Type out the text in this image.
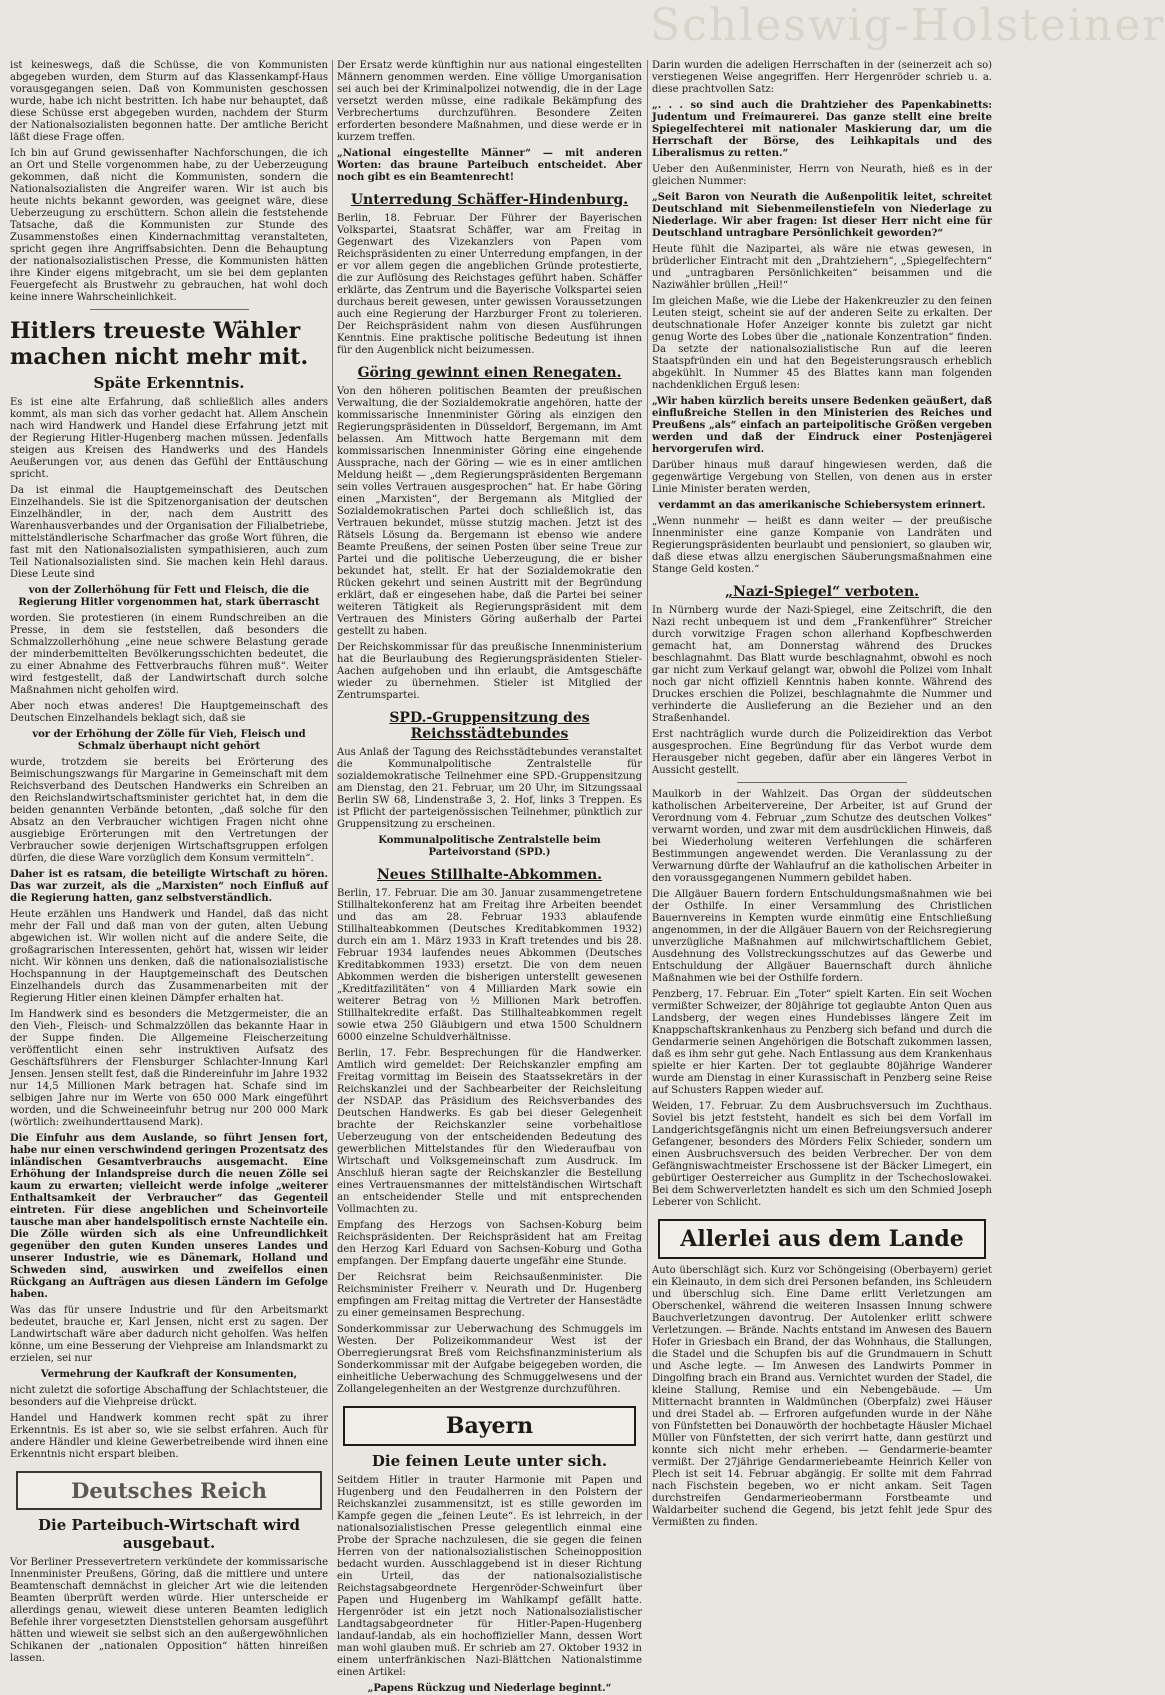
Schleswig-Holsteiner

ist keineswegs, daß die Schüsse, die von Kommunisten abgegeben wurden, dem Sturm auf das Klassenkampf-Haus vorausgegangen seien. Daß von Kommunisten geschossen wurde, habe ich nicht bestritten. Ich habe nur behauptet, daß diese Schüsse erst abgegeben wurden, nachdem der Sturm der Nationalsozialisten begonnen hatte. Der amtliche Bericht läßt diese Frage offen.

Ich bin auf Grund gewissenhafter Nachforschungen, die ich an Ort und Stelle vorgenommen habe, zu der Ueberzeugung gekommen, daß nicht die Kommunisten, sondern die Nationalsozialisten die Angreifer waren. Wir ist auch bis heute nichts bekannt geworden, was geeignet wäre, diese Ueberzeugung zu erschüttern. Schon allein die feststehende Tatsache, daß die Kommunisten zur Stunde des Zusammenstoßes einen Kindernachmittag veranstalteten, spricht gegen ihre Angriffsabsichten. Denn die Behauptung der nationalsozialistischen Presse, die Kommunisten hätten ihre Kinder eigens mitgebracht, um sie bei dem geplanten Feuergefecht als Brustwehr zu gebrauchen, hat wohl doch keine innere Wahrscheinlichkeit.

Hitlers treueste Wähler machen nicht mehr mit.
Späte Erkenntnis.

Es ist eine alte Erfahrung, daß schließlich alles anders kommt, als man sich das vorher gedacht hat. Allem Anschein nach wird Handwerk und Handel diese Erfahrung jetzt mit der Regierung Hitler-Hugenberg machen müssen. Jedenfalls steigen aus Kreisen des Handwerks und des Handels Aeußerungen vor, aus denen das Gefühl der Enttäuschung spricht.

Da ist einmal die Hauptgemeinschaft des Deutschen Einzelhandels. Sie ist die Spitzenorganisation der deutschen Einzelhändler, in der, nach dem Austritt des Warenhausverbandes und der Organisation der Filialbetriebe, mittelständlerische Scharfmacher das große Wort führen, die fast mit den Nationalsozialisten sympathisieren, auch zum Teil Nationalsozialisten sind. Sie machen kein Hehl daraus. Diese Leute sind

von der Zollerhöhung für Fett und Fleisch, die die Regierung Hitler vorgenommen hat, stark überrascht

worden. Sie protestieren (in einem Rundschreiben an die Presse, in dem sie feststellen, daß besonders die Schmalzzollerhöhung „eine neue schwere Belastung gerade der minderbemittelten Bevölkerungsschichten bedeutet, die zu einer Abnahme des Fettverbrauchs führen muß“. Weiter wird festgestellt, daß der Landwirtschaft durch solche Maßnahmen nicht geholfen wird.

Aber noch etwas anderes! Die Hauptgemeinschaft des Deutschen Einzelhandels beklagt sich, daß sie

vor der Erhöhung der Zölle für Vieh, Fleisch und Schmalz überhaupt nicht gehört

wurde, trotzdem sie bereits bei Erörterung des Beimischungszwangs für Margarine in Gemeinschaft mit dem Reichsverband des Deutschen Handwerks ein Schreiben an den Reichslandwirtschaftsminister gerichtet hat, in dem die beiden genannten Verbände betonten, „daß solche für den Absatz an den Verbraucher wichtigen Fragen nicht ohne ausgiebige Erörterungen mit den Vertretungen der Verbraucher sowie derjenigen Wirtschaftsgruppen erfolgen dürfen, die diese Ware vorzüglich dem Konsum vermitteln“.

Daher ist es ratsam, die beteiligte Wirtschaft zu hören. Das war zurzeit, als die „Marxisten“ noch Einfluß auf die Regierung hatten, ganz selbstverständlich.

Heute erzählen uns Handwerk und Handel, daß das nicht mehr der Fall und daß man von der guten, alten Uebung abgewichen ist. Wir wollen nicht auf die andere Seite, die großagrarischen Interessenten, gehört hat, wissen wir leider nicht. Wir können uns denken, daß die nationalsozialistische Hochspannung in der Hauptgemeinschaft des Deutschen Einzelhandels durch das Zusammenarbeiten mit der Regierung Hitler einen kleinen Dämpfer erhalten hat.

Im Handwerk sind es besonders die Metzgermeister, die an den Vieh-, Fleisch- und Schmalzzöllen das bekannte Haar in der Suppe finden. Die Allgemeine Fleischerzeitung veröffentlicht einen sehr instruktiven Aufsatz des Geschäftsführers der Flensburger Schlachter-Innung Karl Jensen. Jensen stellt fest, daß die Rindereinfuhr im Jahre 1932 nur 14,5 Millionen Mark betragen hat. Schafe sind im selbigen Jahre nur im Werte von 650 000 Mark eingeführt worden, und die Schweineeinfuhr betrug nur 200 000 Mark (wörtlich: zweihunderttausend Mark).

Die Einfuhr aus dem Auslande, so führt Jensen fort, habe nur einen verschwindend geringen Prozentsatz des inländischen Gesamtverbrauchs ausgemacht. Eine Erhöhung der Inlandspreise durch die neuen Zölle sei kaum zu erwarten; vielleicht werde infolge „weiterer Enthaltsamkeit der Verbraucher“ das Gegenteil eintreten. Für diese angeblichen und Scheinvorteile tausche man aber handelspolitisch ernste Nachteile ein. Die Zölle würden sich als eine Unfreundlichkeit gegenüber den guten Kunden unseres Landes und unserer Industrie, wie es Dänemark, Holland und Schweden sind, auswirken und zweifellos einen Rückgang an Aufträgen aus diesen Ländern im Gefolge haben.

Was das für unsere Industrie und für den Arbeitsmarkt bedeutet, brauche er, Karl Jensen, nicht erst zu sagen. Der Landwirtschaft wäre aber dadurch nicht geholfen. Was helfen könne, um eine Besserung der Viehpreise am Inlandsmarkt zu erzielen, sei nur

Vermehrung der Kaufkraft der Konsumenten,

nicht zuletzt die sofortige Abschaffung der Schlachtsteuer, die besonders auf die Viehpreise drückt.

Handel und Handwerk kommen recht spät zu ihrer Erkenntnis. Es ist aber so, wie sie selbst erfahren. Auch für andere Händler und kleine Gewerbetreibende wird ihnen eine Erkenntnis nicht erspart bleiben.

Deutsches Reich
Die Parteibuch-Wirtschaft wird ausgebaut.

Vor Berliner Pressevertretern verkündete der kommissarische Innenminister Preußens, Göring, daß die mittlere und untere Beamtenschaft demnächst in gleicher Art wie die leitenden Beamten überprüft werden würde. Hier unterscheide er allerdings genau, wieweit diese unteren Beamten lediglich Befehle ihrer vorgesetzten Dienststellen gehorsam ausgeführt hätten und wieweit sie selbst sich an den außergewöhnlichen Schikanen der „nationalen Opposition“ hätten hinreißen lassen.

Der Ersatz werde künftighin nur aus national eingestellten Männern genommen werden. Eine völlige Umorganisation sei auch bei der Kriminalpolizei notwendig, die in der Lage versetzt werden müsse, eine radikale Bekämpfung des Verbrechertums durchzuführen. Besondere Zeiten erforderten besondere Maßnahmen, und diese werde er in kurzem treffen.

„National eingestellte Männer“ — mit anderen Worten: das braune Parteibuch entscheidet. Aber noch gibt es ein Beamtenrecht!

Unterredung Schäffer-Hindenburg.

Berlin, 18. Februar. Der Führer der Bayerischen Volkspartei, Staatsrat Schäffer, war am Freitag in Gegenwart des Vizekanzlers von Papen vom Reichspräsidenten zu einer Unterredung empfangen, in der er vor allem gegen die angeblichen Gründe protestierte, die zur Auflösung des Reichstages geführt haben. Schäffer erklärte, das Zentrum und die Bayerische Volkspartei seien durchaus bereit gewesen, unter gewissen Voraussetzungen auch eine Regierung der Harzburger Front zu tolerieren. Der Reichspräsident nahm von diesen Ausführungen Kenntnis. Eine praktische politische Bedeutung ist ihnen für den Augenblick nicht beizumessen.

Göring gewinnt einen Renegaten.

Von den höheren politischen Beamten der preußischen Verwaltung, die der Sozialdemokratie angehören, hatte der kommissarische Innenminister Göring als einzigen den Regierungspräsidenten in Düsseldorf, Bergemann, im Amt belassen. Am Mittwoch hatte Bergemann mit dem kommissarischen Innenminister Göring eine eingehende Aussprache, nach der Göring — wie es in einer amtlichen Meldung heißt — „dem Regierungspräsidenten Bergemann sein volles Vertrauen ausgesprochen“ hat. Er habe Göring einen „Marxisten“, der Bergemann als Mitglied der Sozialdemokratischen Partei doch schließlich ist, das Vertrauen bekundet, müsse stutzig machen. Jetzt ist des Rätsels Lösung da. Bergemann ist ebenso wie andere Beamte Preußens, der seinen Posten über seine Treue zur Partei und die politische Ueberzeugung, die er bisher bekundet hat, stellt. Er hat der Sozialdemokratie den Rücken gekehrt und seinen Austritt mit der Begründung erklärt, daß er eingesehen habe, daß die Partei bei seiner weiteren Tätigkeit als Regierungspräsident mit dem Vertrauen des Ministers Göring außerhalb der Partei gestellt zu haben.

Der Reichskommissar für das preußische Innenministerium hat die Beurlaubung des Regierungspräsidenten Stieler-Aachen aufgehoben und ihn erlaubt, die Amtsgeschäfte wieder zu übernehmen. Stieler ist Mitglied der Zentrumspartei.

SPD.-Gruppensitzung des Reichsstädtebundes

Aus Anlaß der Tagung des Reichsstädtebundes veranstaltet die Kommunalpolitische Zentralstelle für sozialdemokratische Teilnehmer eine SPD.-Gruppensitzung am Dienstag, den 21. Februar, um 20 Uhr, im Sitzungssaal Berlin SW 68, Lindenstraße 3, 2. Hof, links 3 Treppen. Es ist Pflicht der parteigenössischen Teilnehmer, pünktlich zur Gruppensitzung zu erscheinen.

Kommunalpolitische Zentralstelle beim Parteivorstand (SPD.)

Neues Stillhalte-Abkommen.

Berlin, 17. Februar. Die am 30. Januar zusammengetretene Stillhaltekonferenz hat am Freitag ihre Arbeiten beendet und das am 28. Februar 1933 ablaufende Stillhalteabkommen (Deutsches Kreditabkommen 1932) durch ein am 1. März 1933 in Kraft tretendes und bis 28. Februar 1934 laufendes neues Abkommen (Deutsches Kreditabkommen 1933) ersetzt. Die von dem neuen Abkommen werden die bisherigen unterstellt gewesenen „Kreditfazilitäten“ von 4 Milliarden Mark sowie ein weiterer Betrag von ½ Millionen Mark betroffen. Stillhaltekredite erfaßt. Das Stillhalteabkommen regelt sowie etwa 250 Gläubigern und etwa 1500 Schuldnern 6000 einzelne Schuldverhältnisse.

Berlin, 17. Febr. Besprechungen für die Handwerker. Amtlich wird gemeldet: Der Reichskanzler empfing am Freitag vormittag im Beisein des Staatssekretärs in der Reichskanzlei und der Sachbearbeiter der Reichsleitung der NSDAP. das Präsidium des Reichsverbandes des Deutschen Handwerks. Es gab bei dieser Gelegenheit brachte der Reichskanzler seine vorbehaltlose Ueberzeugung von der entscheidenden Bedeutung des gewerblichen Mittelstandes für den Wiederaufbau von Wirtschaft und Volksgemeinschaft zum Ausdruck. Im Anschluß hieran sagte der Reichskanzler die Bestellung eines Vertrauensmannes der mittelständischen Wirtschaft an entscheidender Stelle und mit entsprechenden Vollmachten zu.

Empfang des Herzogs von Sachsen-Koburg beim Reichspräsidenten. Der Reichspräsident hat am Freitag den Herzog Karl Eduard von Sachsen-Koburg und Gotha empfangen. Der Empfang dauerte ungefähr eine Stunde.

Der Reichsrat beim Reichsaußenminister. Die Reichsminister Freiherr v. Neurath und Dr. Hugenberg empfingen am Freitag mittag die Vertreter der Hansestädte zu einer gemeinsamen Besprechung.

Sonderkommissar zur Ueberwachung des Schmuggels im Westen. Der Polizeikommandeur West ist der Oberregierungsrat Breß vom Reichsfinanzministerium als Sonderkommissar mit der Aufgabe beigegeben worden, die einheitliche Ueberwachung des Schmuggelwesens und der Zollangelegenheiten an der Westgrenze durchzuführen.

Bayern
Die feinen Leute unter sich.

Seitdem Hitler in trauter Harmonie mit Papen und Hugenberg und den Feudalherren in den Polstern der Reichskanzlei zusammensitzt, ist es stille geworden im Kampfe gegen die „feinen Leute“. Es ist lehrreich, in der nationalsozialistischen Presse gelegentlich einmal eine Probe der Sprache nachzulesen, die sie gegen die feinen Herren von der nationalsozialistischen Scheinopposition bedacht wurden. Ausschlaggebend ist in dieser Richtung ein Urteil, das der nationalsozialistische Reichstagsabgeordnete Hergenröder-Schweinfurt über Papen und Hugenberg im Wahlkampf gefällt hatte. Hergenröder ist ein jetzt noch Nationalsozialistischer Landtagsabgeordneter für Hitler-Papen-Hugenberg landauf-landab, als ein hochoffizieller Mann, dessen Wort man wohl glauben muß. Er schrieb am 27. Oktober 1932 in einem unterfränkischen Nazi-Blättchen Nationalstimme einen Artikel:

„Papens Rückzug und Niederlage beginnt.“

Darin wurden die adeligen Herrschaften in der (seinerzeit ach so) verstiegenen Weise angegriffen. Herr Hergenröder schrieb u. a. diese prachtvollen Satz:

„. . . so sind auch die Drahtzieher des Papenkabinetts: Judentum und Freimaurerei. Das ganze stellt eine breite Spiegelfechterei mit nationaler Maskierung dar, um die Herrschaft der Börse, des Leihkapitals und des Liberalismus zu retten.“

Ueber den Außenminister, Herrn von Neurath, hieß es in der gleichen Nummer:

„Seit Baron von Neurath die Außenpolitik leitet, schreitet Deutschland mit Siebenmeilenstiefeln von Niederlage zu Niederlage. Wir aber fragen: Ist dieser Herr nicht eine für Deutschland untragbare Persönlichkeit geworden?“

Heute fühlt die Nazipartei, als wäre nie etwas gewesen, in brüderlicher Eintracht mit den „Drahtziehern“, „Spiegelfechtern“ und „untragbaren Persönlichkeiten“ beisammen und die Naziwähler brüllen „Heil!“

Im gleichen Maße, wie die Liebe der Hakenkreuzler zu den feinen Leuten steigt, scheint sie auf der anderen Seite zu erkalten. Der deutschnationale Hofer Anzeiger konnte bis zuletzt gar nicht genug Worte des Lobes über die „nationale Konzentration“ finden. Da setzte der nationalsozialistische Run auf die leeren Staatspfründen ein und hat den Begeisterungsrausch erheblich abgekühlt. In Nummer 45 des Blattes kann man folgenden nachdenklichen Erguß lesen:

„Wir haben kürzlich bereits unsere Bedenken geäußert, daß einflußreiche Stellen in den Ministerien des Reiches und Preußens „als“ einfach an parteipolitische Größen vergeben werden und daß der Eindruck einer Postenjägerei hervorgerufen wird.

Darüber hinaus muß darauf hingewiesen werden, daß die gegenwärtige Vergebung von Stellen, von denen aus in erster Linie Minister beraten werden,

verdammt an das amerikanische Schiebersystem erinnert.

„Wenn nunmehr — heißt es dann weiter — der preußische Innenminister eine ganze Kompanie von Landräten und Regierungspräsidenten beurlaubt und pensioniert, so glauben wir, daß diese etwas allzu energischen Säuberungsmaßnahmen eine Stange Geld kosten.“

„Nazi-Spiegel“ verboten.

In Nürnberg wurde der Nazi-Spiegel, eine Zeitschrift, die den Nazi recht unbequem ist und dem „Frankenführer“ Streicher durch vorwitzige Fragen schon allerhand Kopfbeschwerden gemacht hat, am Donnerstag während des Druckes beschlagnahmt. Das Blatt wurde beschlagnahmt, obwohl es noch gar nicht zum Verkauf gelangt war, obwohl die Polizei vom Inhalt noch gar nicht offiziell Kenntnis haben konnte. Während des Druckes erschien die Polizei, beschlagnahmte die Nummer und verhinderte die Auslieferung an die Bezieher und an den Straßenhandel.

Erst nachträglich wurde durch die Polizeidirektion das Verbot ausgesprochen. Eine Begründung für das Verbot wurde dem Herausgeber nicht gegeben, dafür aber ein längeres Verbot in Aussicht gestellt.

Maulkorb in der Wahlzeit. Das Organ der süddeutschen katholischen Arbeitervereine, Der Arbeiter, ist auf Grund der Verordnung vom 4. Februar „zum Schutze des deutschen Volkes“ verwarnt worden, und zwar mit dem ausdrücklichen Hinweis, daß bei Wiederholung weiteren Verfehlungen die schärferen Bestimmungen angewendet werden. Die Veranlassung zu der Verwarnung dürfte der Wahlaufruf an die katholischen Arbeiter in den voraussgegangenen Nummern gebildet haben.

Die Allgäuer Bauern fordern Entschuldungsmaßnahmen wie bei der Osthilfe. In einer Versammlung des Christlichen Bauernvereins in Kempten wurde einmütig eine Entschließung angenommen, in der die Allgäuer Bauern von der Reichsregierung unverzügliche Maßnahmen auf milchwirtschaftlichem Gebiet, Ausdehnung des Vollstreckungsschutzes auf das Gewerbe und Entschuldung der Allgäuer Bauernschaft durch ähnliche Maßnahmen wie bei der Osthilfe fordern.

Penzberg, 17. Februar. Ein „Toter“ spielt Karten. Ein seit Wochen vermißter Schweizer, der 80jährige tot geglaubte Anton Quen aus Landsberg, der wegen eines Hundebisses längere Zeit im Knappschaftskrankenhaus zu Penzberg sich befand und durch die Gendarmerie seinen Angehörigen die Botschaft zukommen lassen, daß es ihm sehr gut gehe. Nach Entlassung aus dem Krankenhaus spielte er hier Karten. Der tot geglaubte 80jährige Wanderer wurde am Dienstag in einer Kurassischaft in Penzberg seine Reise auf Schusters Rappen wieder auf.

Weiden, 17. Februar. Zu dem Ausbruchsversuch im Zuchthaus. Soviel bis jetzt feststeht, handelt es sich bei dem Vorfall im Landgerichtsgefängnis nicht um einen Befreiungsversuch anderer Gefangener, besonders des Mörders Felix Schieder, sondern um einen Ausbruchsversuch des beiden Verbrecher. Der von dem Gefängniswachtmeister Erschossene ist der Bäcker Limegert, ein gebürtiger Oesterreicher aus Gumplitz in der Tschechoslowakei. Bei dem Schwerverletzten handelt es sich um den Schmied Joseph Leberer von Schlicht.

Allerlei aus dem Lande

Auto überschlägt sich. Kurz vor Schöngeising (Oberbayern) geriet ein Kleinauto, in dem sich drei Personen befanden, ins Schleudern und überschlug sich. Eine Dame erlitt Verletzungen am Oberschenkel, während die weiteren Insassen Innung schwere Bauchverletzungen davontrug. Der Autolenker erlitt schwere Verletzungen. — Brände. Nachts entstand im Anwesen des Bauern Hofer in Griesbach ein Brand, der das Wohnhaus, die Stallungen, die Stadel und die Schupfen bis auf die Grundmauern in Schutt und Asche legte. — Im Anwesen des Landwirts Pommer in Dingolfing brach ein Brand aus. Vernichtet wurden der Stadel, die kleine Stallung, Remise und ein Nebengebäude. — Um Mitternacht brannten in Waldmünchen (Oberpfalz) zwei Häuser und drei Stadel ab. — Erfroren aufgefunden wurde in der Nähe von Fünfstetten bei Donauwörth der hochbetagte Häusler Michael Müller von Fünfstetten, der sich verirrt hatte, dann gestürzt und konnte sich nicht mehr erheben. — Gendarmerie-beamter vermißt. Der 27jährige Gendarmeriebeamte Heinrich Keller von Plech ist seit 14. Februar abgängig. Er sollte mit dem Fahrrad nach Fischstein begeben, wo er nicht ankam. Seit Tagen durchstreifen Gendarmerieobermann Forstbeamte und Waldarbeiter suchend die Gegend, bis jetzt fehlt jede Spur des Vermißten zu finden.
